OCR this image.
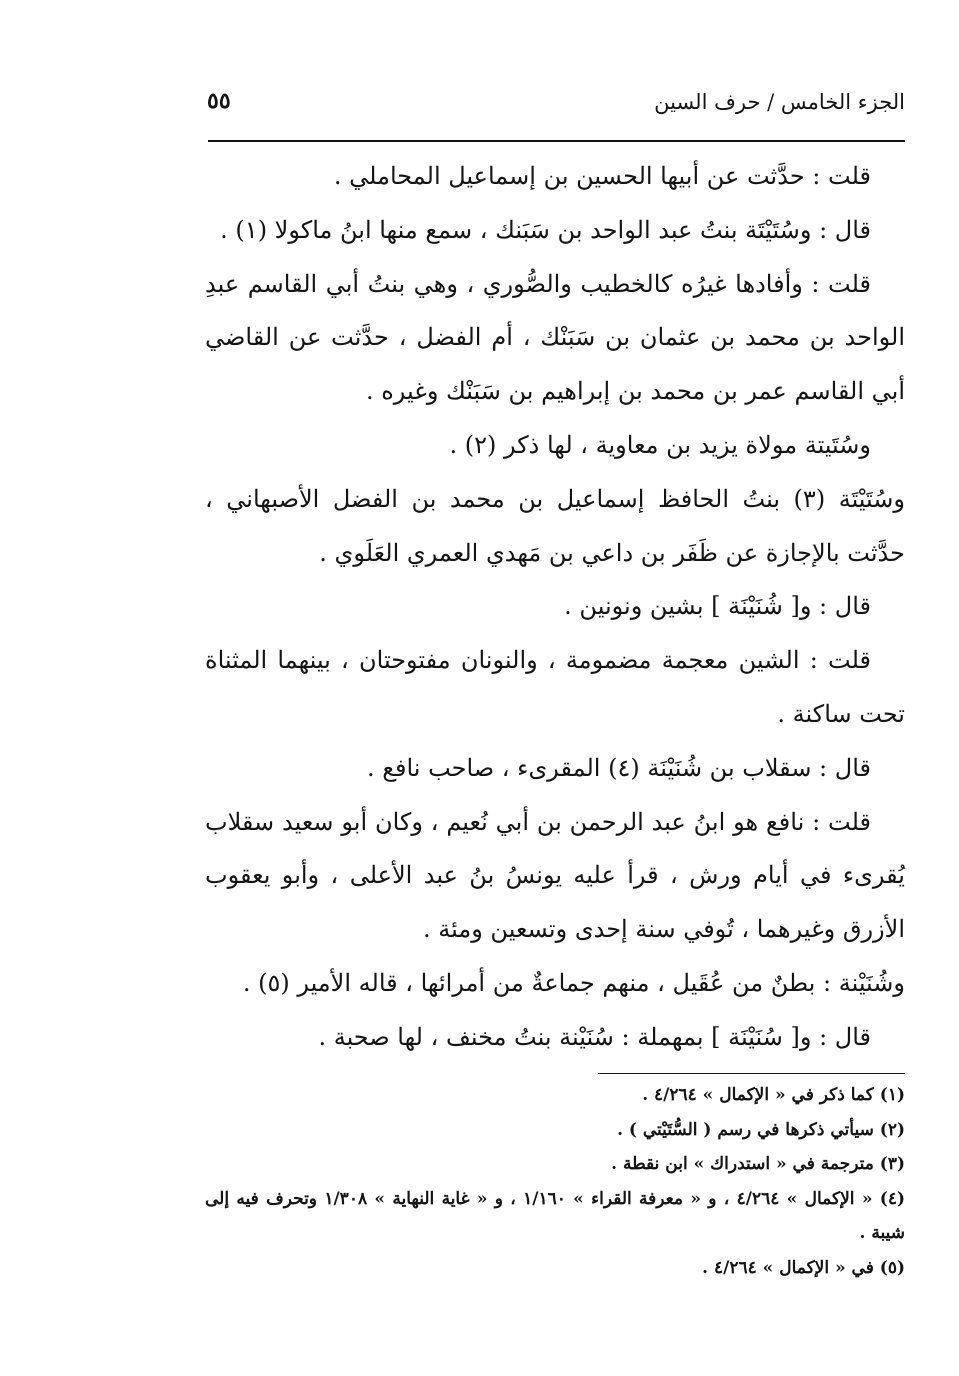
٥٥	الجزء الخامس / حرف السين

قلت : حدَّثت عن أبيها الحسين بن إسماعيل المحاملي .

قال : وسُتَيْتَة بنتُ عبد الواحد بن سَبَنك ، سمع منها ابنُ ماكولا (١) .

قلت : وأفادها غيرُه كالخطيب والصُّوري ، وهي بنتُ أبي القاسم عبدِ الواحد بن محمد بن عثمان بن سَبَنْك ، أم الفضل ، حدَّثت عن القاضي أبي القاسم عمر بن محمد بن إبراهيم بن سَبَنْك وغيره .

وسُتَيتة مولاة يزيد بن معاوية ، لها ذكر (٢) .

وسُتَيْتَة (٣) بنتُ الحافظ إسماعيل بن محمد بن الفضل الأصبهاني ، حدَّثت بالإجازة عن ظَفَر بن داعي بن مَهدي العمري العَلَوي .

قال : و[ شُنَيْنَة ] بشين ونونين .

قلت : الشين معجمة مضمومة ، والنونان مفتوحتان ، بينهما المثناة تحت ساكنة .

قال : سقلاب بن شُنَيْنَة (٤) المقرىء ، صاحب نافع .

قلت : نافع هو ابنُ عبد الرحمن بن أبي نُعيم ، وكان أبو سعيد سقلاب يُقرىء في أيام ورش ، قرأ عليه يونسُ بنُ عبد الأعلى ، وأبو يعقوب الأزرق وغيرهما ، تُوفي سنة إحدى وتسعين ومئة .

وشُنَيْنة : بطنٌ من عُقَيل ، منهم جماعةٌ من أمرائها ، قاله الأمير (٥) .

قال : و[ سُنَيْنَة ] بمهملة : سُنَيْنة بنتُ مخنف ، لها صحبة .

(١) كما ذكر في « الإكمال » ٤/٢٦٤ .

(٢) سيأتي ذكرها في رسم ( السُّتَيْتي ) .

(٣) مترجمة في « استدراك » ابن نقطة .

(٤) « الإكمال » ٤/٢٦٤ ، و « معرفة القراء » ١/١٦٠ ، و « غاية النهاية » ١/٣٠٨ وتحرف فيه إلى شيبة .

(٥) في « الإكمال » ٤/٢٦٤ .
